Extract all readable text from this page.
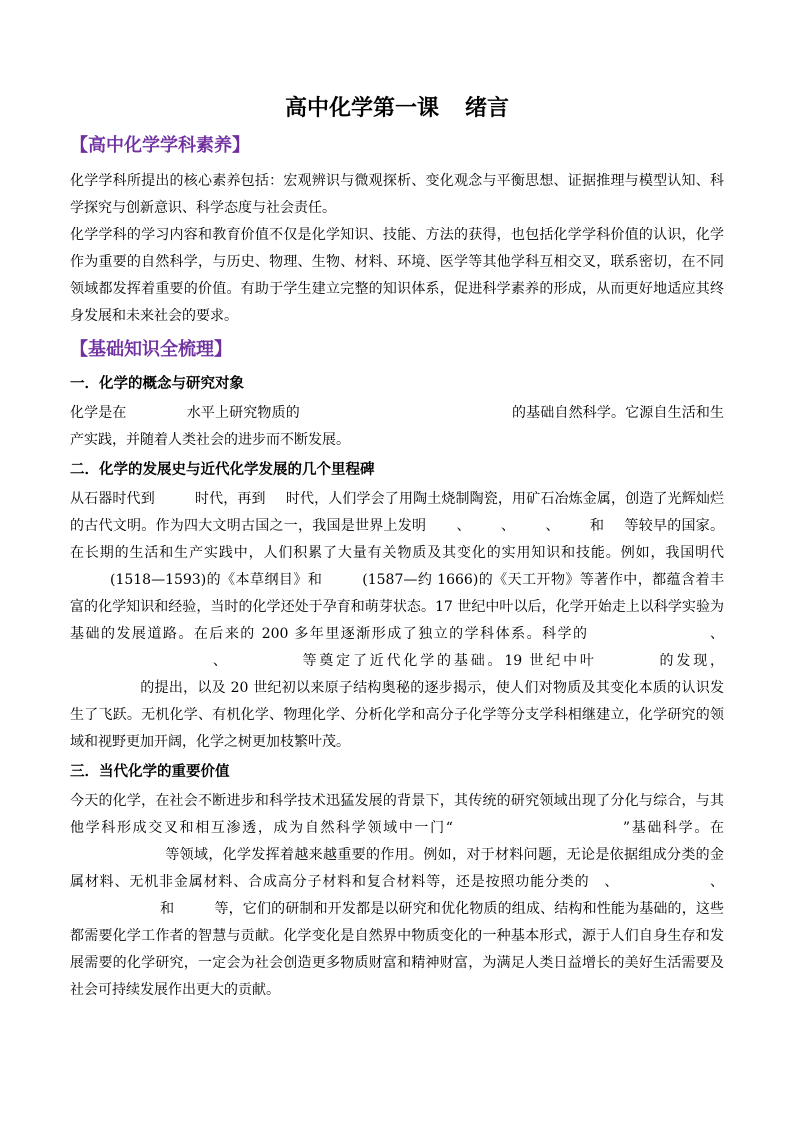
高中化学第一课 绪言
【高中化学学科素养】

化学学科所提出的核心素养包括：宏观辨识与微观探析、变化观念与平衡思想、证据推理与模型认知、科学探究与创新意识、科学态度与社会责任。

化学学科的学习内容和教育价值不仅是化学知识、技能、方法的获得，也包括化学学科价值的认识，化学作为重要的自然科学，与历史、物理、生物、材料、环境、医学等其他学科互相交叉，联系密切，在不同领域都发挥着重要的价值。有助于学生建立完整的知识体系，促进科学素养的形成，从而更好地适应其终身发展和未来社会的要求。

【基础知识全梳理】
一．化学的概念与研究对象

化学是在	水平上研究物质的	的基础自然科学。它源自生活和生产实践，并随着人类社会的进步而不断发展。

二．化学的发展史与近代化学发展的几个里程碑

从石器时代到	时代，再到 时代，人们学会了用陶土烧制陶瓷，用矿石冶炼金属，创造了光辉灿烂的古代文明。作为四大文明古国之一，我国是世界上发明 、 、 、 和 等较早的国家。在长期的生活和生产实践中，人们积累了大量有关物质及其变化的实用知识和技能。例如，我国明代(1518—1593)的《本草纲目》和	(1587—约 1666)的《天工开物》等著作中，都蕴含着丰富的化学知识和经验，当时的化学还处于孕育和萌芽状态。17 世纪中叶以后，化学开始走上以科学实验为基础的发展道路。在后来的 200 多年里逐渐形成了独立的学科体系。科学的	、、	等奠定了近代化学的基础。19 世纪中叶	的发现，的提出，以及 20 世纪初以来原子结构奥秘的逐步揭示，使人们对物质及其变化本质的认识发生了飞跃。无机化学、有机化学、物理化学、分析化学和高分子化学等分支学科相继建立，化学研究的领域和视野更加开阔，化学之树更加枝繁叶茂。

三．当代化学的重要价值

今天的化学，在社会不断进步和科学技术迅猛发展的背景下，其传统的研究领域出现了分化与综合，与其他学科形成交叉和相互渗透，成为自然科学领域中一门“	”基础科学。在等领域，化学发挥着越来越重要的作用。例如，对于材料问题，无论是依据组成分类的金属材料、无机非金属材料、合成高分子材料和复合材料等，还是按照功能分类的 、	、和	等，它们的研制和开发都是以研究和优化物质的组成、结构和性能为基础的，这些都需要化学工作者的智慧与贡献。化学变化是自然界中物质变化的一种基本形式，源于人们自身生存和发展需要的化学研究，一定会为社会创造更多物质财富和精神财富，为满足人类日益增长的美好生活需要及社会可持续发展作出更大的贡献。
